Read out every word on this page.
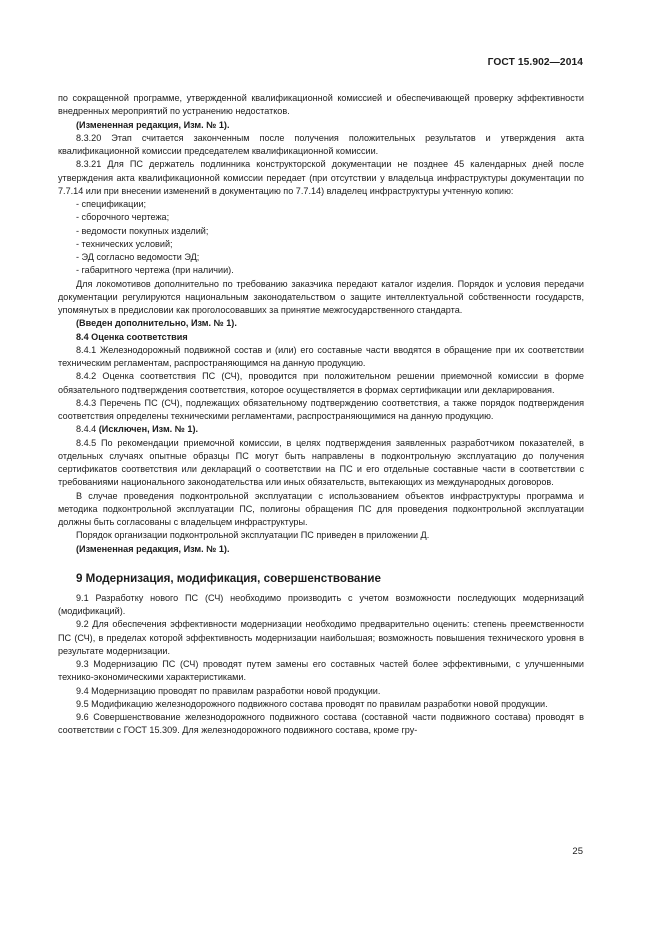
ГОСТ 15.902—2014

по сокращенной программе, утвержденной квалификационной комиссией и обеспечивающей проверку эффективности внедренных мероприятий по устранению недостатков.

(Измененная редакция, Изм. № 1).

8.3.20 Этап считается законченным после получения положительных результатов и утверждения акта квалификационной комиссии председателем квалификационной комиссии.

8.3.21 Для ПС держатель подлинника конструкторской документации не позднее 45 календарных дней после утверждения акта квалификационной комиссии передает (при отсутствии у владельца инфраструктуры документации по 7.7.14 или при внесении изменений в документацию по 7.7.14) владелец инфраструктуры учтенную копию:

- спецификации;

- сборочного чертежа;

- ведомости покупных изделий;

- технических условий;

- ЭД согласно ведомости ЭД;

- габаритного чертежа (при наличии).

Для локомотивов дополнительно по требованию заказчика передают каталог изделия. Порядок и условия передачи документации регулируются национальным законодательством о защите интеллектуальной собственности государств, упомянутых в предисловии как проголосовавших за принятие межгосударственного стандарта.

(Введен дополнительно, Изм. № 1).

8.4 Оценка соответствия

8.4.1 Железнодорожный подвижной состав и (или) его составные части вводятся в обращение при их соответствии техническим регламентам, распространяющимся на данную продукцию.

8.4.2 Оценка соответствия ПС (СЧ), проводится при положительном решении приемочной комиссии в форме обязательного подтверждения соответствия, которое осуществляется в формах сертификации или декларирования.

8.4.3 Перечень ПС (СЧ), подлежащих обязательному подтверждению соответствия, а также порядок подтверждения соответствия определены техническими регламентами, распространяющимися на данную продукцию.

8.4.4 (Исключен, Изм. № 1).

8.4.5 По рекомендации приемочной комиссии, в целях подтверждения заявленных разработчиком показателей, в отдельных случаях опытные образцы ПС могут быть направлены в подконтрольную эксплуатацию до получения сертификатов соответствия или деклараций о соответствии на ПС и его отдельные составные части в соответствии с требованиями национального законодательства или иных обязательств, вытекающих из международных договоров.

В случае проведения подконтрольной эксплуатации с использованием объектов инфраструктуры программа и методика подконтрольной эксплуатации ПС, полигоны обращения ПС для проведения подконтрольной эксплуатации должны быть согласованы с владельцем инфраструктуры.

Порядок организации подконтрольной эксплуатации ПС приведен в приложении Д.

(Измененная редакция, Изм. № 1).

9 Модернизация, модификация, совершенствование

9.1 Разработку нового ПС (СЧ) необходимо производить с учетом возможности последующих модернизаций (модификаций).

9.2 Для обеспечения эффективности модернизации необходимо предварительно оценить: степень преемственности ПС (СЧ), в пределах которой эффективность модернизации наибольшая; возможность повышения технического уровня в результате модернизации.

9.3 Модернизацию ПС (СЧ) проводят путем замены его составных частей более эффективными, с улучшенными технико-экономическими характеристиками.

9.4 Модернизацию проводят по правилам разработки новой продукции.

9.5 Модификацию железнодорожного подвижного состава проводят по правилам разработки новой продукции.

9.6 Совершенствование железнодорожного подвижного состава (составной части подвижного состава) проводят в соответствии с ГОСТ 15.309. Для железнодорожного подвижного состава, кроме гру-

25
